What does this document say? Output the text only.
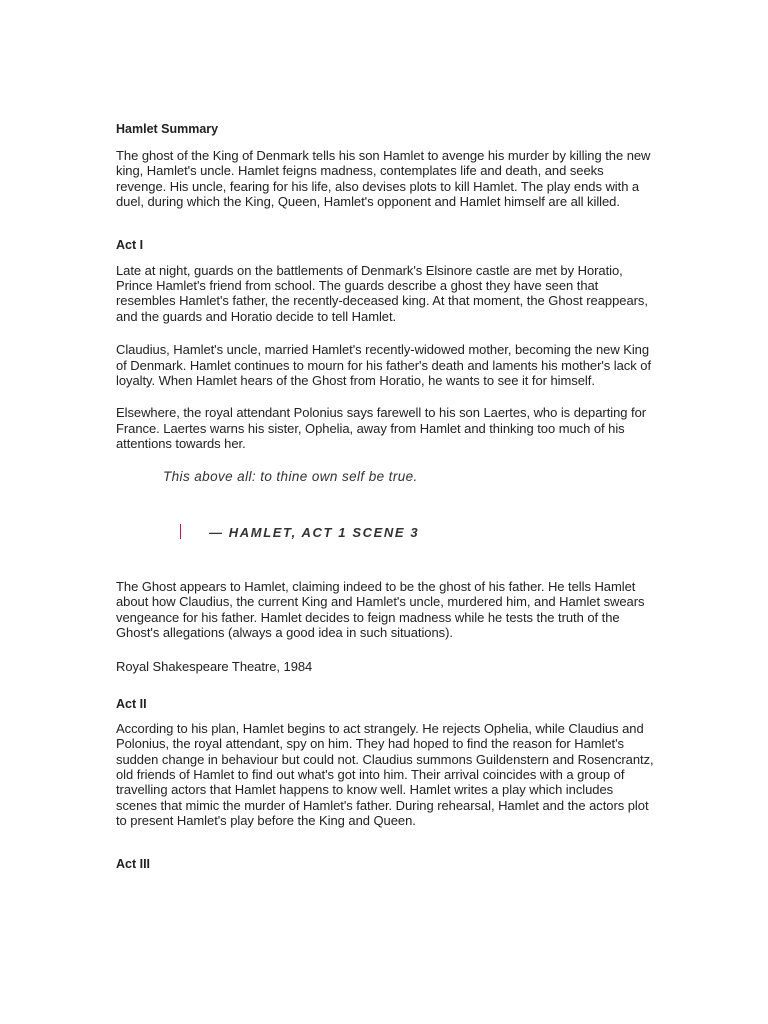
Hamlet Summary

The ghost of the King of Denmark tells his son Hamlet to avenge his murder by killing the new king, Hamlet's uncle. Hamlet feigns madness, contemplates life and death, and seeks revenge. His uncle, fearing for his life, also devises plots to kill Hamlet. The play ends with a duel, during which the King, Queen, Hamlet's opponent and Hamlet himself are all killed.

Act I

Late at night, guards on the battlements of Denmark's Elsinore castle are met by Horatio, Prince Hamlet's friend from school. The guards describe a ghost they have seen that resembles Hamlet's father, the recently-deceased king. At that moment, the Ghost reappears, and the guards and Horatio decide to tell Hamlet.

Claudius, Hamlet's uncle, married Hamlet's recently-widowed mother, becoming the new King of Denmark. Hamlet continues to mourn for his father's death and laments his mother's lack of loyalty. When Hamlet hears of the Ghost from Horatio, he wants to see it for himself.

Elsewhere, the royal attendant Polonius says farewell to his son Laertes, who is departing for France. Laertes warns his sister, Ophelia, away from Hamlet and thinking too much of his attentions towards her.

This above all: to thine own self be true.

— HAMLET, ACT 1 SCENE 3

The Ghost appears to Hamlet, claiming indeed to be the ghost of his father. He tells Hamlet about how Claudius, the current King and Hamlet's uncle, murdered him, and Hamlet swears vengeance for his father. Hamlet decides to feign madness while he tests the truth of the Ghost's allegations (always a good idea in such situations).

Royal Shakespeare Theatre, 1984

Act II

According to his plan, Hamlet begins to act strangely. He rejects Ophelia, while Claudius and Polonius, the royal attendant, spy on him. They had hoped to find the reason for Hamlet's sudden change in behaviour but could not. Claudius summons Guildenstern and Rosencrantz, old friends of Hamlet to find out what's got into him. Their arrival coincides with a group of travelling actors that Hamlet happens to know well. Hamlet writes a play which includes scenes that mimic the murder of Hamlet's father. During rehearsal, Hamlet and the actors plot to present Hamlet's play before the King and Queen.

Act III
